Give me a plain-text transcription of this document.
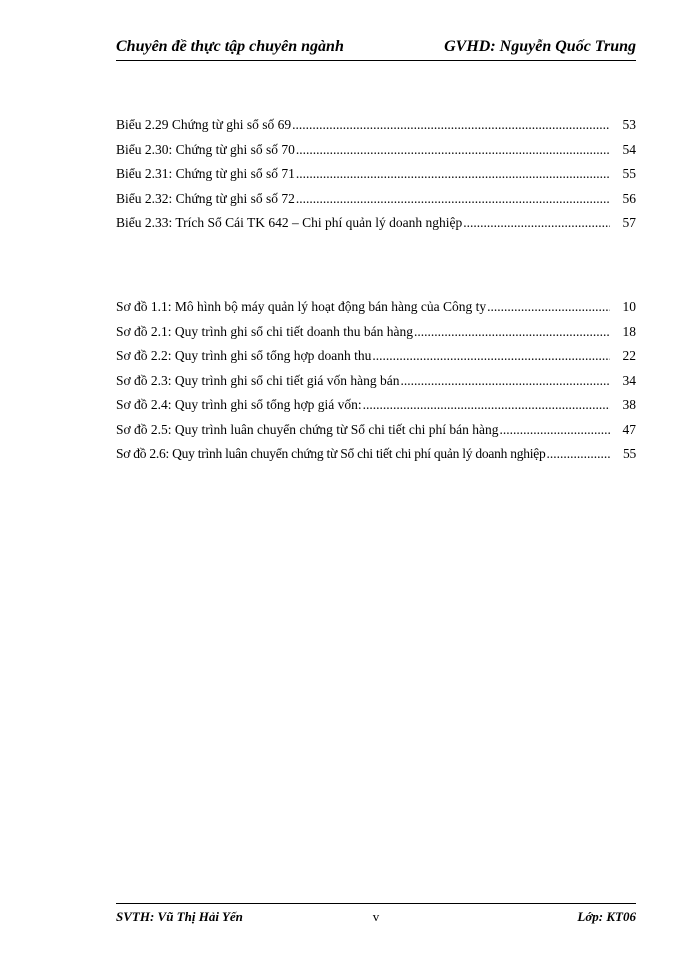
Chuyên đề thực tập chuyên ngành	GVHD: Nguyễn Quốc Trung
Biểu 2.29 Chứng từ ghi sổ số 69 .....	53
Biểu 2.30: Chứng từ ghi sổ số 70 .....	54
Biểu 2.31: Chứng từ ghi sổ số 71 .....	55
Biểu 2.32: Chứng từ ghi sổ số 72 .....	56
Biểu 2.33: Trích Sổ Cái TK 642 – Chi phí quản lý doanh nghiệp .....	57
Sơ đồ 1.1: Mô hình bộ máy quản lý hoạt động bán hàng của Công ty .....	10
Sơ đồ 2.1: Quy trình ghi sổ chi tiết doanh thu bán hàng .....	18
Sơ đồ 2.2: Quy trình ghi sổ tổng hợp doanh thu .....	22
Sơ đồ 2.3: Quy trình ghi sổ chi tiết giá vốn hàng bán .....	34
Sơ đồ 2.4: Quy trình ghi sổ tổng hợp giá vốn: .....	38
Sơ đồ 2.5: Quy trình luân chuyển chứng từ Sổ chi tiết chi phí bán hàng .....	47
Sơ đồ 2.6: Quy trình luân chuyển chứng từ Sổ chi tiết chi phí quản lý doanh nghiệp .....	55
SVTH: Vũ Thị Hải Yến	v	Lớp: KT06
